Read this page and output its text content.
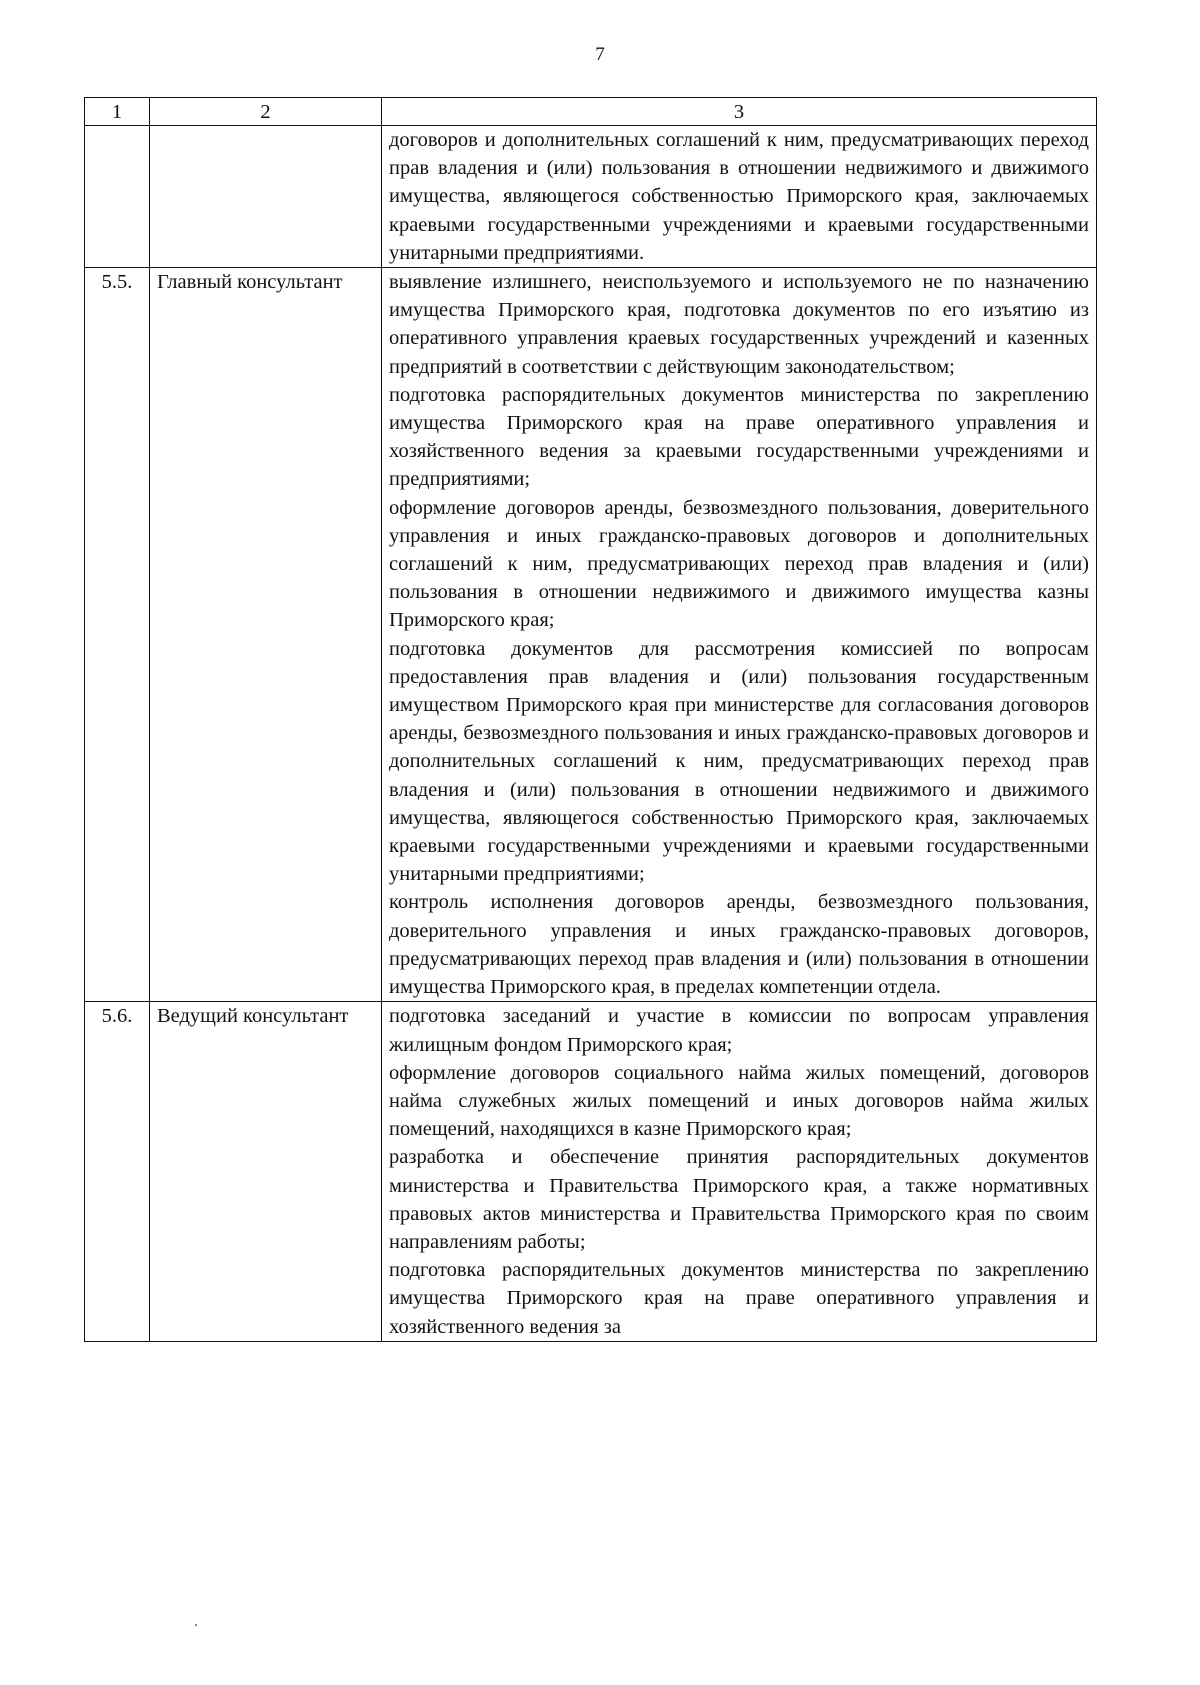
7
1	2	3

		договоров и дополнительных соглашений к ним, предусматривающих переход прав владения и (или) пользования в отношении недвижимого и движимого имущества, являющегося собственностью Приморского края, заключаемых краевыми государственными учреждениями и краевыми государственными унитарными предприятиями.

5.5.	Главный консультант	выявление излишнего, неиспользуемого и используемого не по назначению имущества Приморского края, подготовка документов по его изъятию из оперативного управления краевых государственных учреждений и казенных предприятий в соответствии с действующим законодательством;

подготовка распорядительных документов министерства по закреплению имущества Приморского края на праве оперативного управления и хозяйственного ведения за краевыми государственными учреждениями и предприятиями;

оформление договоров аренды, безвозмездного пользования, доверительного управления и иных гражданско-правовых договоров и дополнительных соглашений к ним, предусматривающих переход прав владения и (или) пользования в отношении недвижимого и движимого имущества казны Приморского края;

подготовка документов для рассмотрения комиссией по вопросам предоставления прав владения и (или) пользования государственным имуществом Приморского края при министерстве для согласования договоров аренды, безвозмездного пользования и иных гражданско-правовых договоров и дополнительных соглашений к ним, предусматривающих переход прав владения и (или) пользования в отношении недвижимого и движимого имущества, являющегося собственностью Приморского края, заключаемых краевыми государственными учреждениями и краевыми государственными унитарными предприятиями;

контроль исполнения договоров аренды, безвозмездного пользования, доверительного управления и иных гражданско-правовых договоров, предусматривающих переход прав владения и (или) пользования в отношении имущества Приморского края, в пределах компетенции отдела.

5.6.	Ведущий консультант	подготовка заседаний и участие в комиссии по вопросам управления жилищным фондом Приморского края;

оформление договоров социального найма жилых помещений, договоров найма служебных жилых помещений и иных договоров найма жилых помещений, находящихся в казне Приморского края;

разработка и обеспечение принятия распорядительных документов министерства и Правительства Приморского края, а также нормативных правовых актов министерства и Правительства Приморского края по своим направлениям работы;

подготовка распорядительных документов министерства по закреплению имущества Приморского края на праве оперативного управления и хозяйственного ведения за
